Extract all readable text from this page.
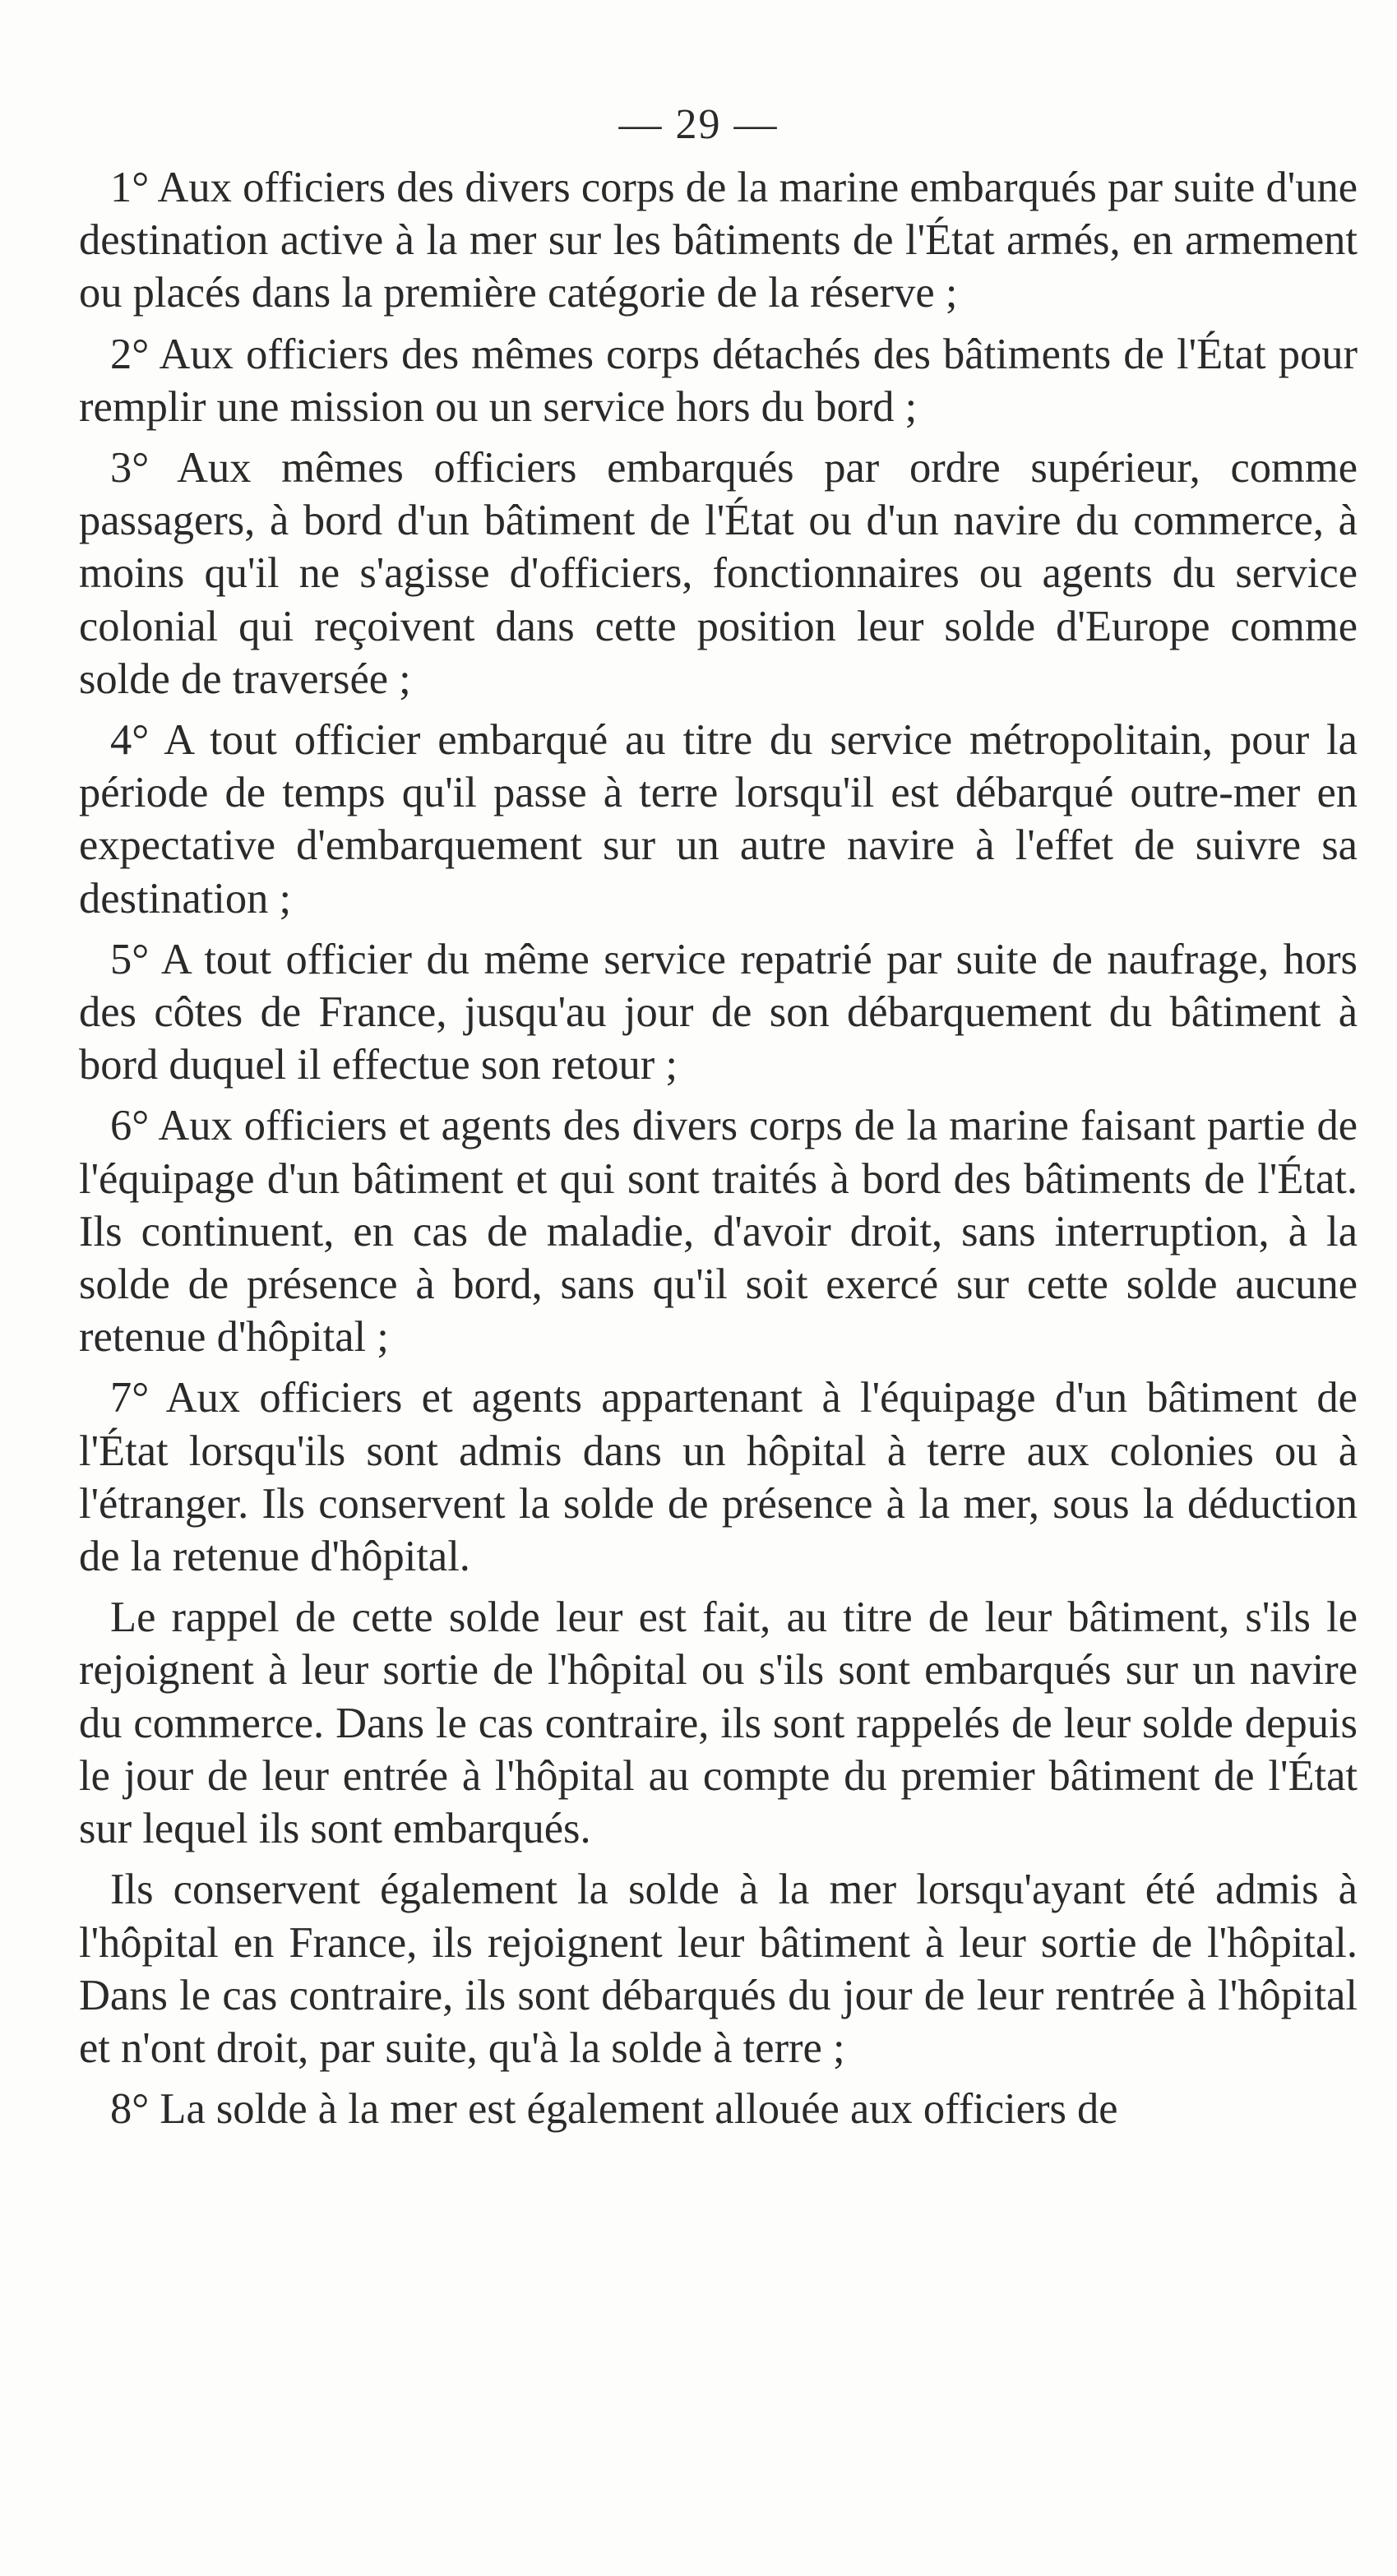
— 29 —

1° Aux officiers des divers corps de la marine embarqués par suite d'une destination active à la mer sur les bâtiments de l'État armés, en armement ou placés dans la première catégorie de la réserve ;

2° Aux officiers des mêmes corps détachés des bâtiments de l'État pour remplir une mission ou un service hors du bord ;

3° Aux mêmes officiers embarqués par ordre supérieur, comme passagers, à bord d'un bâtiment de l'État ou d'un navire du commerce, à moins qu'il ne s'agisse d'officiers, fonctionnaires ou agents du service colonial qui reçoivent dans cette position leur solde d'Europe comme solde de traversée ;

4° A tout officier embarqué au titre du service métropolitain, pour la période de temps qu'il passe à terre lorsqu'il est débarqué outre-mer en expectative d'embarquement sur un autre navire à l'effet de suivre sa destination ;

5° A tout officier du même service repatrié par suite de naufrage, hors des côtes de France, jusqu'au jour de son débarquement du bâtiment à bord duquel il effectue son retour ;

6° Aux officiers et agents des divers corps de la marine faisant partie de l'équipage d'un bâtiment et qui sont traités à bord des bâtiments de l'État. Ils continuent, en cas de maladie, d'avoir droit, sans interruption, à la solde de présence à bord, sans qu'il soit exercé sur cette solde aucune retenue d'hôpital ;

7° Aux officiers et agents appartenant à l'équipage d'un bâtiment de l'État lorsqu'ils sont admis dans un hôpital à terre aux colonies ou à l'étranger. Ils conservent la solde de présence à la mer, sous la déduction de la retenue d'hôpital.

Le rappel de cette solde leur est fait, au titre de leur bâtiment, s'ils le rejoignent à leur sortie de l'hôpital ou s'ils sont embarqués sur un navire du commerce. Dans le cas contraire, ils sont rappelés de leur solde depuis le jour de leur entrée à l'hôpital au compte du premier bâtiment de l'État sur lequel ils sont embarqués.

Ils conservent également la solde à la mer lorsqu'ayant été admis à l'hôpital en France, ils rejoignent leur bâtiment à leur sortie de l'hôpital. Dans le cas contraire, ils sont débarqués du jour de leur rentrée à l'hôpital et n'ont droit, par suite, qu'à la solde à terre ;

8° La solde à la mer est également allouée aux officiers de
